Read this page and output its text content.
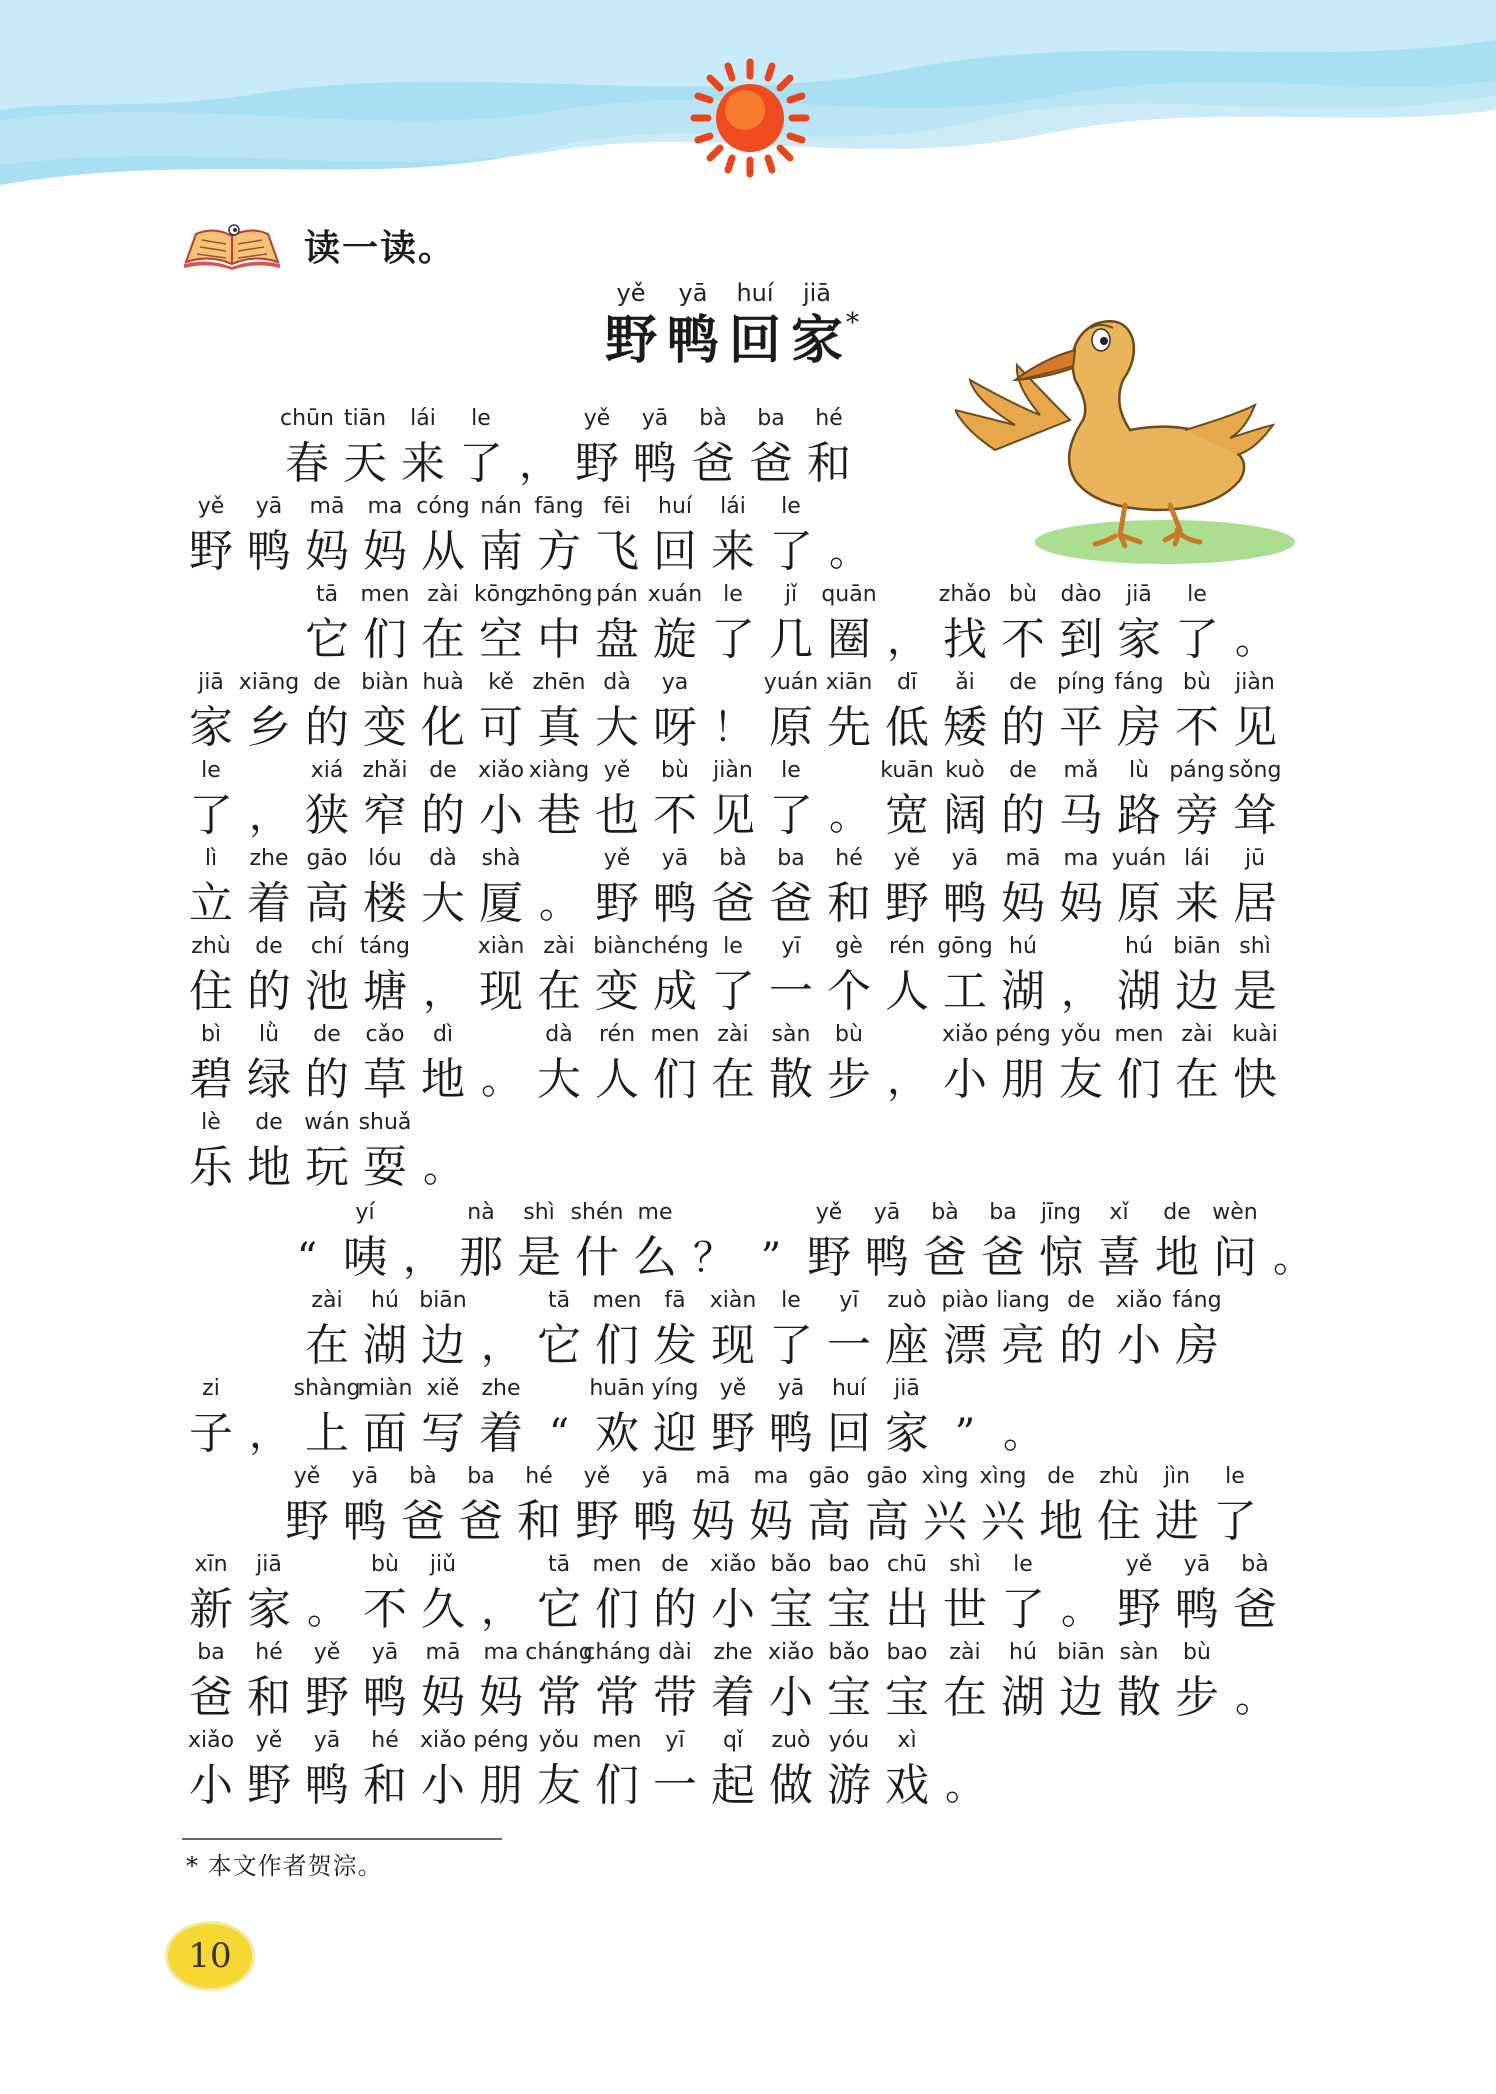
读一读。
yě
野
yā
鸭
huí
回
jiā
家 *
chūn
春
tiān
天
lái
来
le
了 ，
yě
野
yā
鸭
bà
爸
ba
爸
hé
和
yě
野
yā
鸭
mā
妈
ma
妈
cóng
从
nán
南
fāng
方
fēi
飞
huí
回
lái
来
le
了 。
tā
它
men
们
zài
在
kōng
空
zhōng
中
pán
盘
xuán
旋
le
了
jǐ
几
quān
圈 ，
zhǎo
找
bù
不
dào
到
jiā
家
le
了 。
jiā
家
xiāng
乡
de
的
biàn
变
huà
化
kě
可
zhēn
真
dà
大
ya
呀 ！
yuán
原
xiān
先
dī
低
ǎi
矮
de
的
píng
平
fáng
房
bù
不
jiàn
见
le
了 ，
xiá
狭
zhǎi
窄
de
的
xiǎo
小
xiàng
巷
yě
也
bù
不
jiàn
见
le
了 。
kuān
宽
kuò
阔
de
的
mǎ
马
lù
路
páng
旁
sǒng
耸
lì
立
zhe
着
gāo
高
lóu
楼
dà
大
shà
厦 。
yě
野
yā
鸭
bà
爸
ba
爸
hé
和
yě
野
yā
鸭
mā
妈
ma
妈
yuán
原
lái
来
jū
居
zhù
住
de
的
chí
池
táng
塘 ，
xiàn
现
zài
在
biàn
变
chéng
成
le
了
yī
一
gè
个
rén
人
gōng
工
hú
湖 ，
hú
湖
biān
边
shì
是
bì
碧
lǜ
绿
de
的
cǎo
草
dì
地 。
dà
大
rén
人
men
们
zài
在
sàn
散
bù
步 ，
xiǎo
小
péng
朋
yǒu
友
men
们
zài
在
kuài
快
lè
乐
de
地
wán
玩
shuǎ
耍 。
“
yí
咦 ，
nà
那
shì
是
shén
什
me
么 ？ ”
yě
野
yā
鸭
bà
爸
ba
爸
jīng
惊
xǐ
喜
de
地
wèn
问 。
zài
在
hú
湖
biān
边 ，
tā
它
men
们
fā
发
xiàn
现
le
了
yī
一
zuò
座
piào
漂
liang
亮
de
的
xiǎo
小
fáng
房
zi
子 ，
shàng
上
miàn
面
xiě
写
zhe
着 “
huān
欢
yíng
迎
yě
野
yā
鸭
huí
回
jiā
家 ” 。
yě
野
yā
鸭
bà
爸
ba
爸
hé
和
yě
野
yā
鸭
mā
妈
ma
妈
gāo
高
gāo
高
xìng
兴
xìng
兴
de
地
zhù
住
jìn
进
le
了
xīn
新
jiā
家 。
bù
不
jiǔ
久 ，
tā
它
men
们
de
的
xiǎo
小
bǎo
宝
bao
宝
chū
出
shì
世
le
了 。
yě
野
yā
鸭
bà
爸
ba
爸
hé
和
yě
野
yā
鸭
mā
妈
ma
妈
cháng
常
cháng
常
dài
带
zhe
着
xiǎo
小
bǎo
宝
bao
宝
zài
在
hú
湖
biān
边
sàn
散
bù
步 。
xiǎo
小
yě
野
yā
鸭
hé
和
xiǎo
小
péng
朋
yǒu
友
men
们
yī
一
qǐ
起
zuò
做
yóu
游
xì
戏 。
* 本文作者贺淙。
10
